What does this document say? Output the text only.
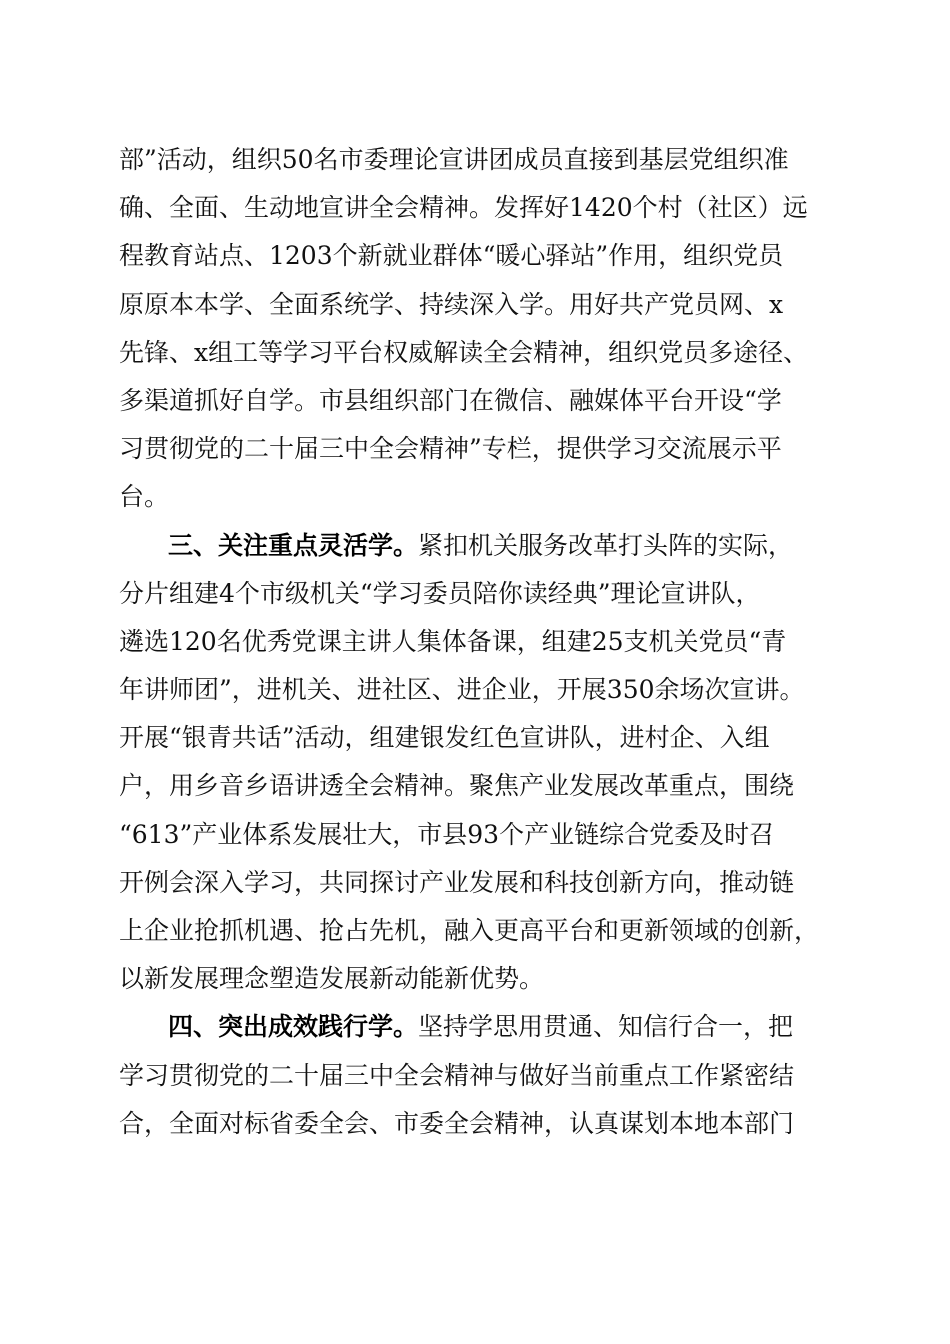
部”活动，组织50名市委理论宣讲团成员直接到基层党组织准
确、全面、生动地宣讲全会精神。发挥好1420个村（社区）远
程教育站点、1203个新就业群体“暖心驿站”作用，组织党员
原原本本学、全面系统学、持续深入学。用好共产党员网、x
先锋、x组工等学习平台权威解读全会精神，组织党员多途径、
多渠道抓好自学。市县组织部门在微信、融媒体平台开设“学
习贯彻党的二十届三中全会精神”专栏，提供学习交流展示平
台。
三、关注重点灵活学。紧扣机关服务改革打头阵的实际，
分片组建4个市级机关“学习委员陪你读经典”理论宣讲队，
遴选120名优秀党课主讲人集体备课，组建25支机关党员“青
年讲师团”，进机关、进社区、进企业，开展350余场次宣讲。
开展“银青共话”活动，组建银发红色宣讲队，进村企、入组
户，用乡音乡语讲透全会精神。聚焦产业发展改革重点，围绕
“613”产业体系发展壮大，市县93个产业链综合党委及时召
开例会深入学习，共同探讨产业发展和科技创新方向，推动链
上企业抢抓机遇、抢占先机，融入更高平台和更新领域的创新，
以新发展理念塑造发展新动能新优势。
四、突出成效践行学。坚持学思用贯通、知信行合一，把
学习贯彻党的二十届三中全会精神与做好当前重点工作紧密结
合，全面对标省委全会、市委全会精神，认真谋划本地本部门
